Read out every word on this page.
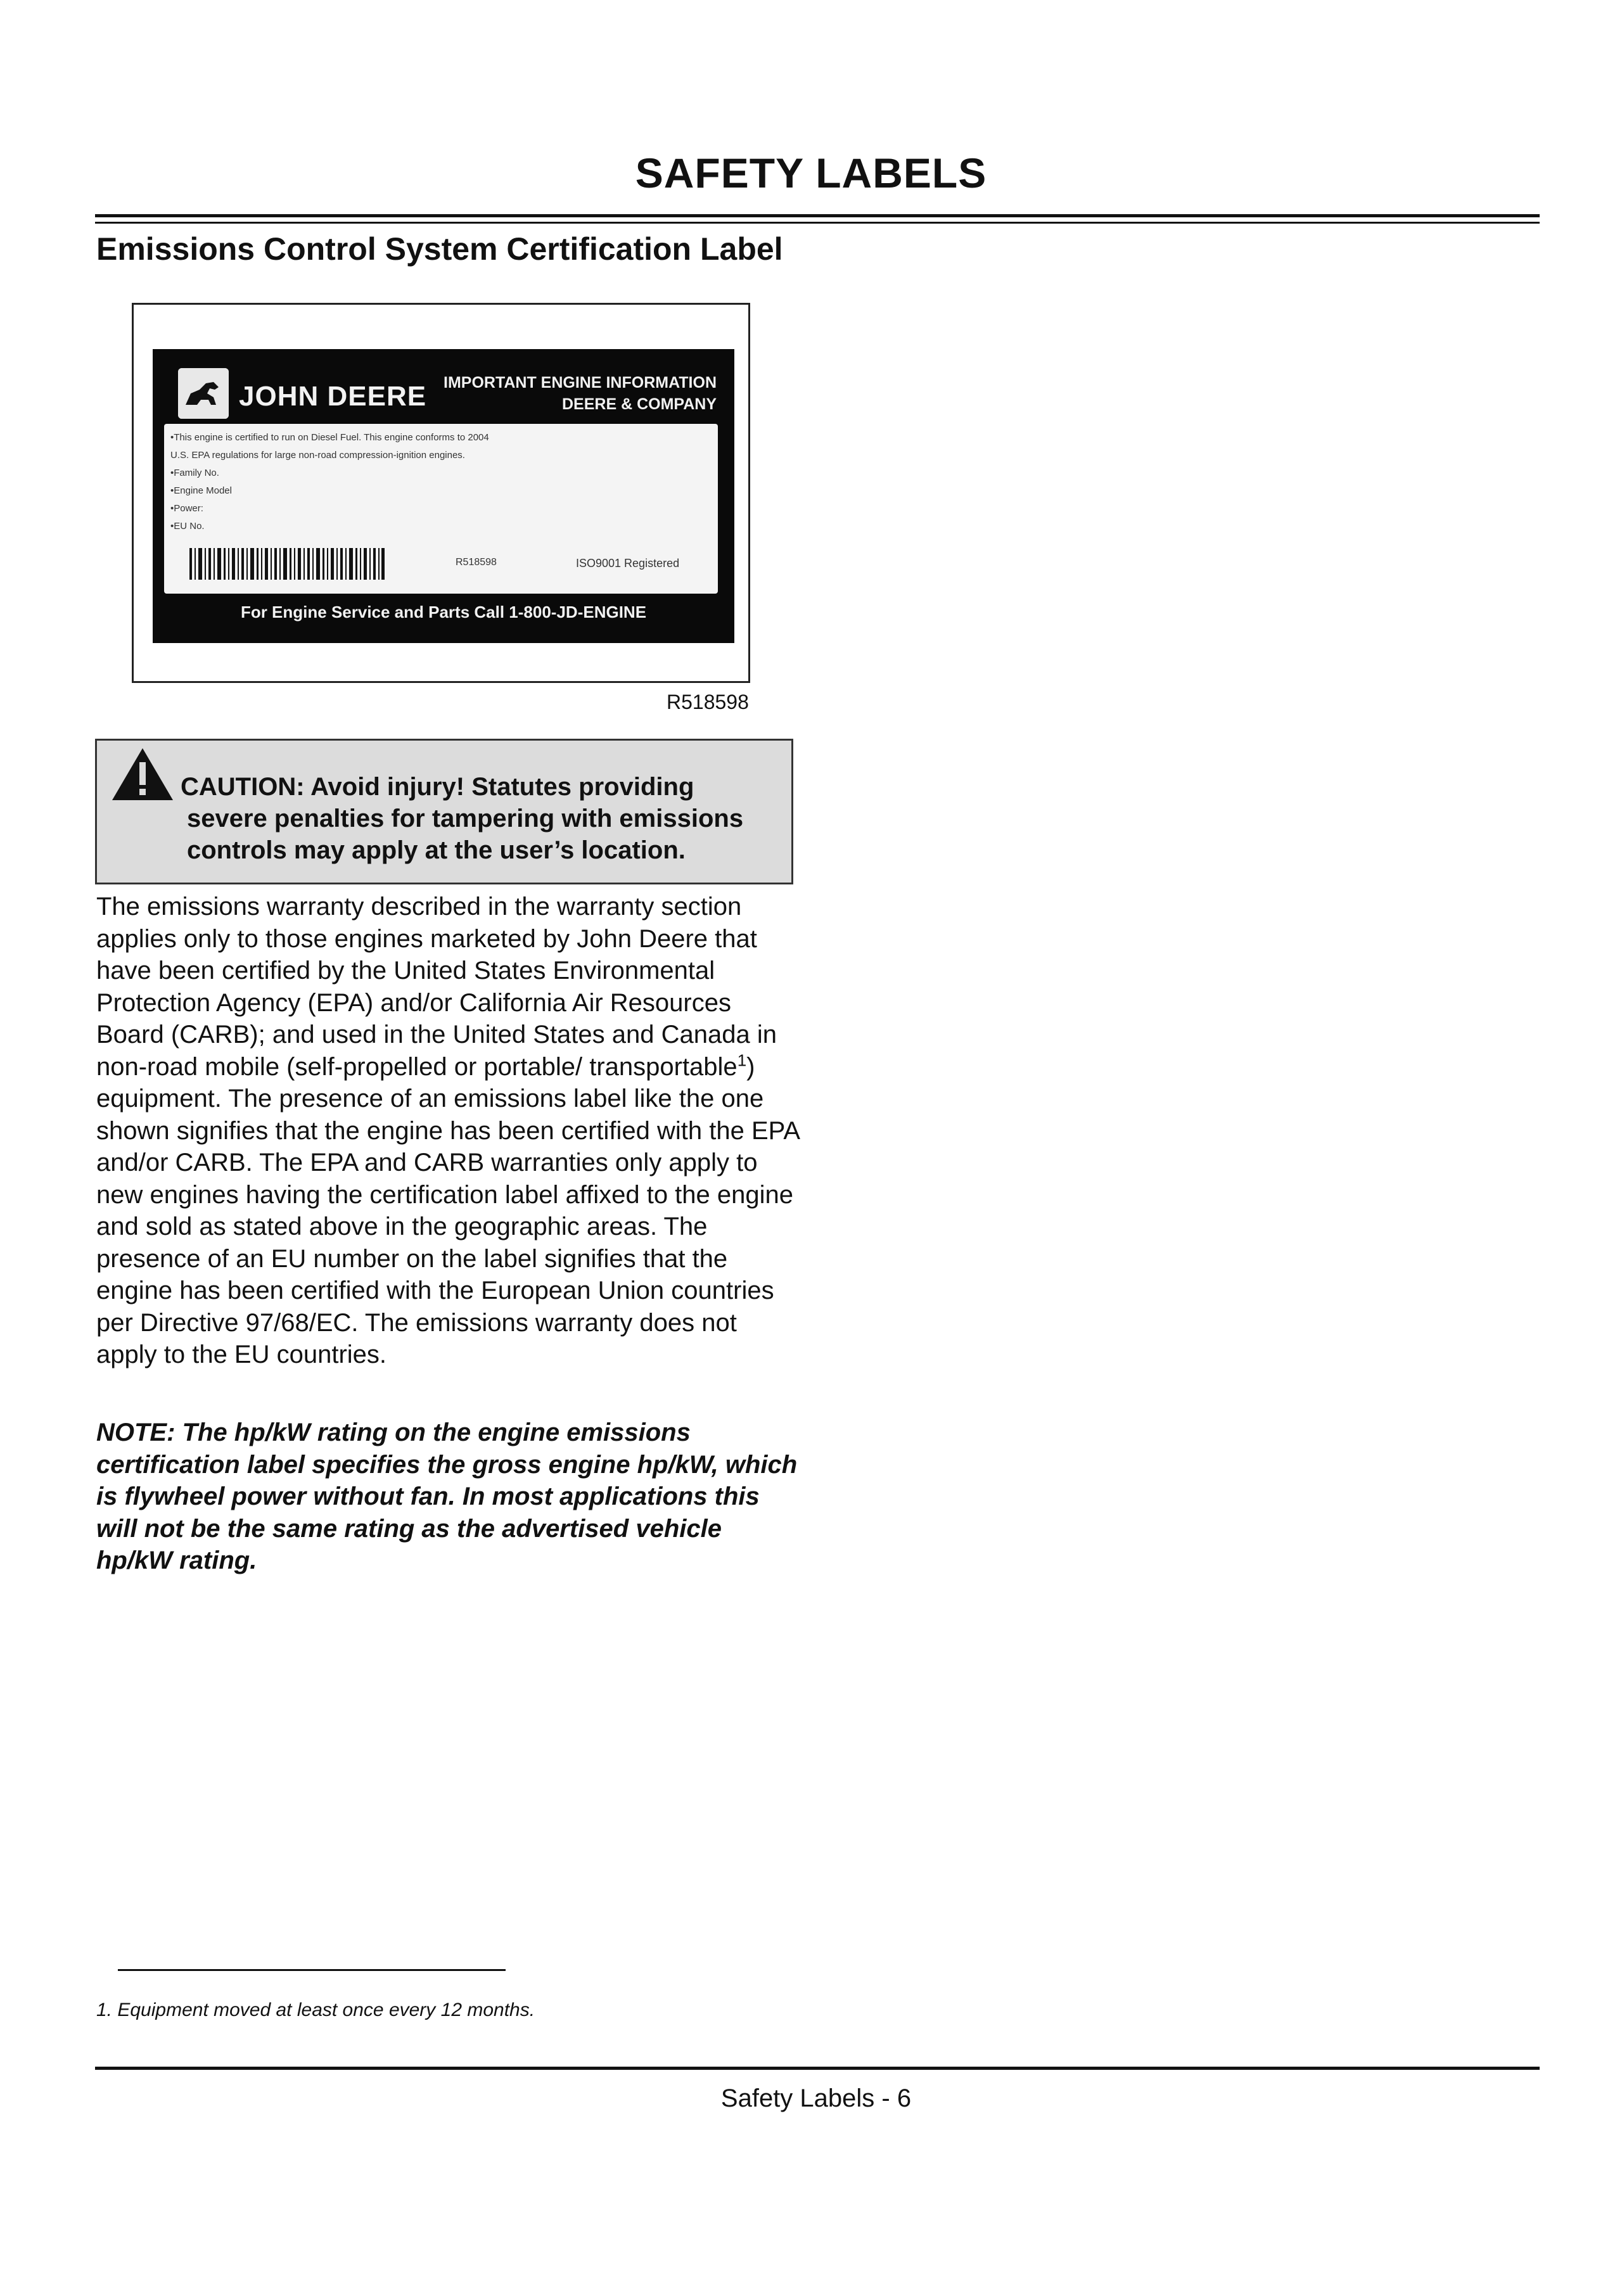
SAFETY LABELS
Emissions Control System Certification Label
JOHN DEERE IMPORTANT ENGINE INFORMATION
DEERE & COMPANY
•This engine is certified to run on Diesel Fuel. This engine conforms to 2004
U.S. EPA regulations for large non-road compression-ignition engines.
•Family No.
•Engine Model
•Power:
•EU No.
R518598	ISO9001 Registered
For Engine Service and Parts Call 1-800-JD-ENGINE
R518598
CAUTION: Avoid injury! Statutes providing
severe penalties for tampering with emissions
controls may apply at the user’s location.
The emissions warranty described in the warranty section applies only to those engines marketed by John Deere that have been certified by the United States Environmental Protection Agency (EPA) and/or California Air Resources Board (CARB); and used in the United States and Canada in non-road mobile (self-propelled or portable/ transportable$^1$) equipment. The presence of an emissions label like the one shown signifies that the engine has been certified with the EPA and/or CARB. The EPA and CARB warranties only apply to new engines having the certification label affixed to the engine and sold as stated above in the geographic areas. The presence of an EU number on the label signifies that the engine has been certified with the European Union countries per Directive 97/68/EC. The emissions warranty does not apply to the EU countries.
NOTE: The hp/kW rating on the engine emissions certification label specifies the gross engine hp/kW, which is flywheel power without fan. In most applications this will not be the same rating as the advertised vehicle hp/kW rating.
1. Equipment moved at least once every 12 months.
Safety Labels - 6
